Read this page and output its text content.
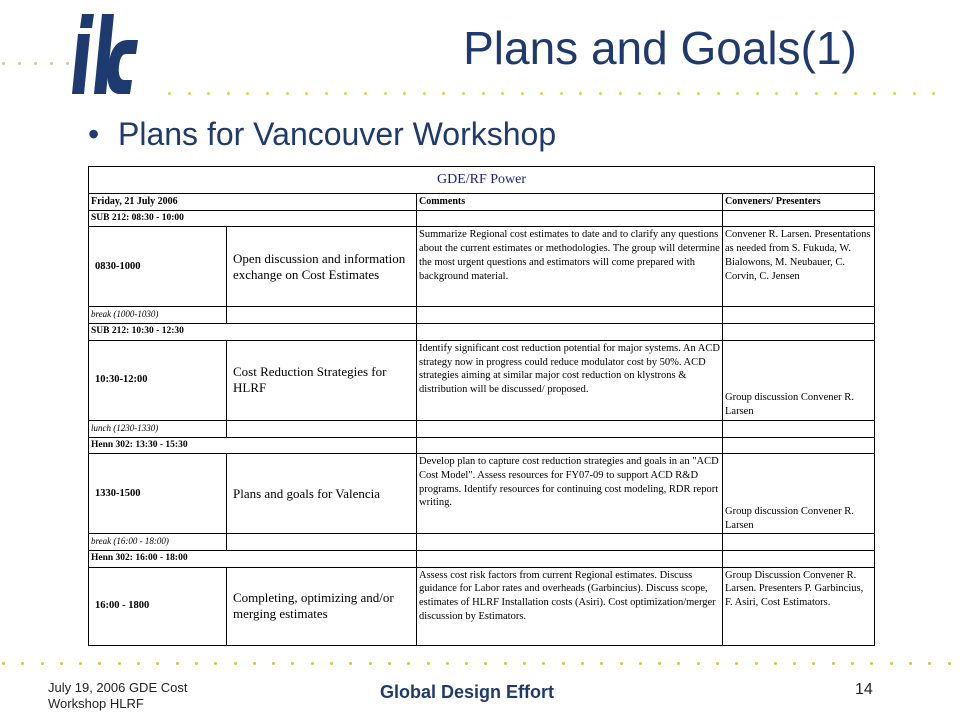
Plans and Goals(1)
• Plans for Vancouver Workshop
GDE/RF Power			
Friday, 21 July 2006		Comments	Conveners/ Presenters
SUB 212: 08:30 - 10:00			
0830-1000	Open discussion and information exchange on Cost Estimates	Summarize Regional cost estimates to date and to clarify any questions about the current estimates or methodologies. The group will determine the most urgent questions and estimators will come prepared with background material.	Convener R. Larsen. Presentations as needed from S. Fukuda, W. Bialowons, M. Neubauer, C. Corvin, C. Jensen
break (1000-1030)			
SUB 212: 10:30 - 12:30			
10:30-12:00	Cost Reduction Strategies for HLRF	Identify significant cost reduction potential for major systems. An ACD strategy now in progress could reduce modulator cost by 50%. ACD strategies aiming at similar major cost reduction on klystrons & distribution will be discussed/ proposed.	Group discussion Convener R. Larsen
lunch (1230-1330)			
Henn 302: 13:30 - 15:30			
1330-1500	Plans and goals for Valencia	Develop plan to capture cost reduction strategies and goals in an "ACD Cost Model". Assess resources for FY07-09 to support ACD R&D programs. Identify resources for continuing cost modeling, RDR report writing.	Group discussion Convener R. Larsen
break (16:00 - 18:00)			
Henn 302: 16:00 - 18:00			
16:00 - 1800	Completing, optimizing and/or merging estimates	Assess cost risk factors from current Regional estimates. Discuss guidance for Labor rates and overheads (Garbincius). Discuss scope, estimates of HLRF Installation costs (Asiri). Cost optimization/merger discussion by Estimators.	Group Discussion Convener R. Larsen. Presenters P. Garbincius, F. Asiri, Cost Estimators.
July 19, 2006 GDE Cost Workshop HLRF
Global Design Effort	14
